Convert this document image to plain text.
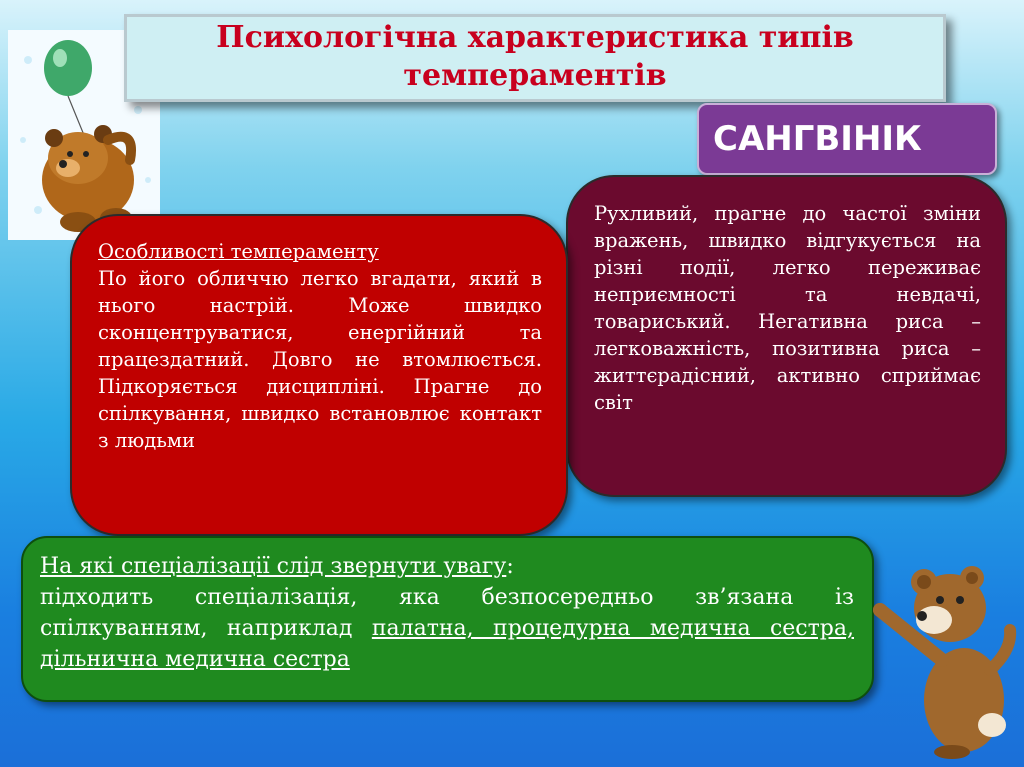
Психологічна характеристика типів
темпераментів
САНГВІНІК
Рухливий, прагне до частої зміни вражень, швидко відгукується на різні події, легко переживає неприємності та невдачі, товариський. Негативна риса – легковажність, позитивна риса – життєрадісний, активно сприймає світ
Особливості темпераменту
По його обличчю легко вгадати, який в нього настрій. Може швидко сконцентруватися, енергійний та працездатний. Довго не втомлюється. Підкоряється дисципліні. Прагне до спілкування, швидко встановлює контакт з людьми
На які спеціалізації слід звернути увагу:
підходить спеціалізація, яка безпосередньо зв’язана із спілкуванням, наприклад палатна, процедурна медична сестра, дільнична медична сестра
